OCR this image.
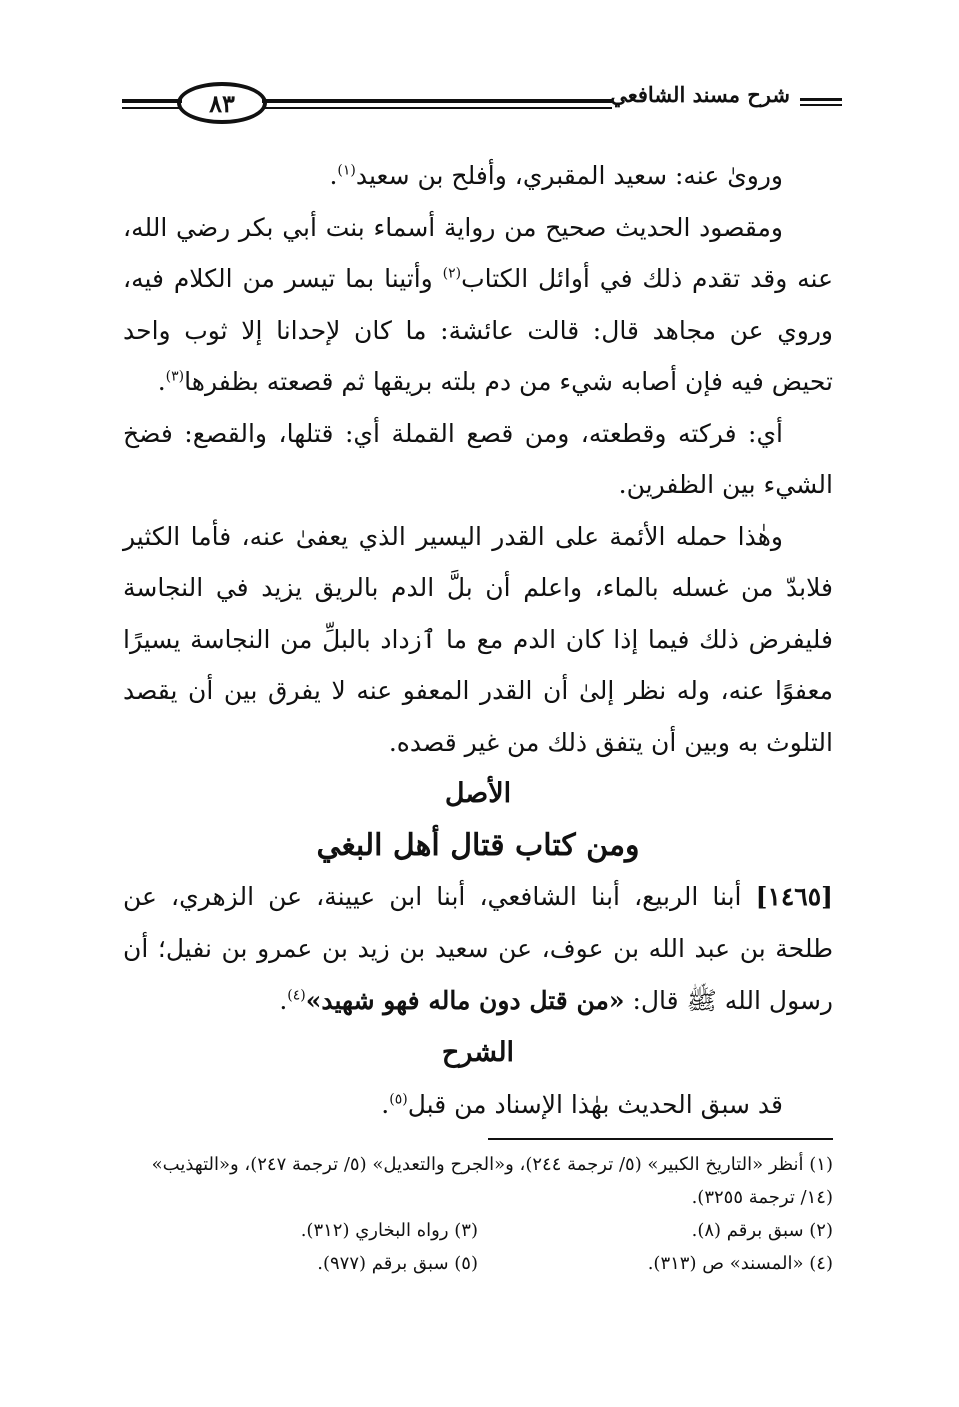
شرح مسند الشافعي
٨٣

ورویٰ عنه: سعيد المقبري، وأفلح بن سعيد$^{(١)}$.

ومقصود الحديث صحيح من رواية أسماء بنت أبي بكر رضي الله، عنه وقد تقدم ذلك في أوائل الكتاب$^{(٢)}$ وأتينا بما تيسر من الكلام فيه، وروي عن مجاهد قال: قالت عائشة: ما كان لإحدانا إلا ثوب واحد تحيض فيه فإن أصابه شيء من دم بلته بريقها ثم قصعته بظفرها$^{(٣)}$.

أي: فركته وقطعته، ومن قصع القملة أي: قتلها، والقصع: فضخ الشيء بين الظفرين.

وهٰذا حمله الأئمة على القدر اليسير الذي يعفىٰ عنه، فأما الكثير فلابدّ من غسله بالماء، واعلم أن بلَّ الدم بالريق يزيد في النجاسة فليفرض ذلك فيما إذا كان الدم مع ما ٱزداد بالبلِّ من النجاسة يسيرًا معفوًا عنه، وله نظر إلىٰ أن القدر المعفو عنه لا يفرق بين أن يقصد التلوث به وبين أن يتفق ذلك من غير قصده.

الأصل

ومن كتاب قتال أهل البغي

[١٤٦٥] أبنا الربيع، أبنا الشافعي، أبنا ابن عيينة، عن الزهري، عن طلحة بن عبد الله بن عوف، عن سعيد بن زيد بن عمرو بن نفيل؛ أن رسول الله ﷺ قال: «من قتل دون ماله فهو شهيد»$^{(٤)}$.

الشرح

قد سبق الحديث بهٰذا الإسناد من قبل$^{(٥)}$.

(١) أنظر «التاريخ الكبير» (٥/ ترجمة ٢٤٤)، و«الجرح والتعديل» (٥/ ترجمة ٢٤٧)، و«التهذيب» (١٤/ ترجمة ٣٢٥٥).
(٢) سبق برقم (٨).
(٣) رواه البخاري (٣١٢).
(٤) «المسند» ص (٣١٣).
(٥) سبق برقم (٩٧٧).
